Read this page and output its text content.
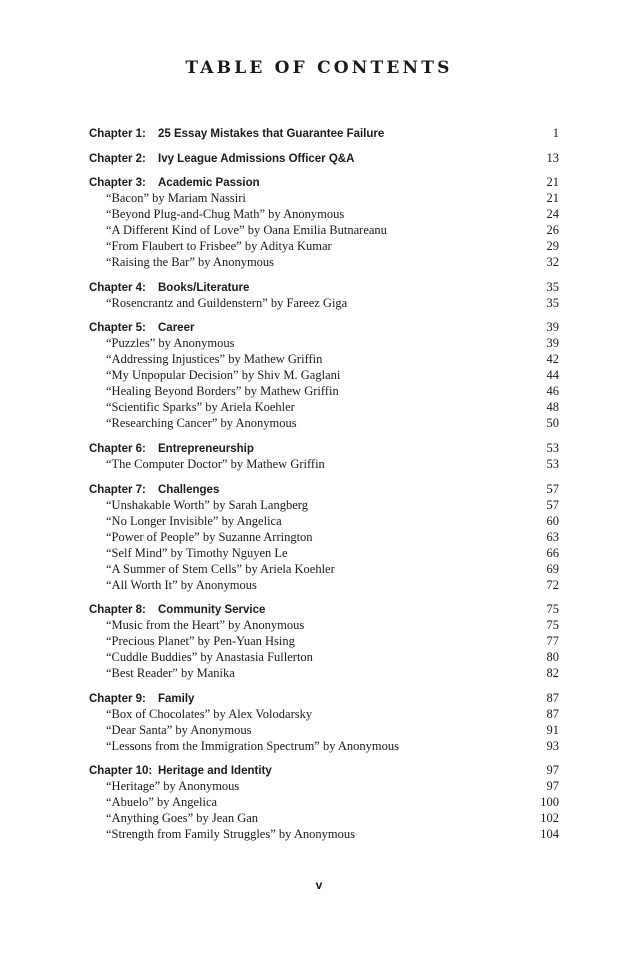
TABLE OF CONTENTS
Chapter 1: 25 Essay Mistakes that Guarantee Failure	1
Chapter 2: Ivy League Admissions Officer Q&A	13
Chapter 3: Academic Passion	21
“Bacon” by Mariam Nassiri	21
“Beyond Plug-and-Chug Math” by Anonymous	24
“A Different Kind of Love” by Oana Emilia Butnareanu	26
“From Flaubert to Frisbee” by Aditya Kumar	29
“Raising the Bar” by Anonymous	32
Chapter 4: Books/Literature	35
“Rosencrantz and Guildenstern” by Fareez Giga	35
Chapter 5: Career	39
“Puzzles” by Anonymous	39
“Addressing Injustices” by Mathew Griffin	42
“My Unpopular Decision” by Shiv M. Gaglani	44
“Healing Beyond Borders” by Mathew Griffin	46
“Scientific Sparks” by Ariela Koehler	48
“Researching Cancer” by Anonymous	50
Chapter 6: Entrepreneurship	53
“The Computer Doctor” by Mathew Griffin	53
Chapter 7: Challenges	57
“Unshakable Worth” by Sarah Langberg	57
“No Longer Invisible” by Angelica	60
“Power of People” by Suzanne Arrington	63
“Self Mind” by Timothy Nguyen Le	66
“A Summer of Stem Cells” by Ariela Koehler	69
“All Worth It” by Anonymous	72
Chapter 8: Community Service	75
“Music from the Heart” by Anonymous	75
“Precious Planet” by Pen-Yuan Hsing	77
“Cuddle Buddies” by Anastasia Fullerton	80
“Best Reader” by Manika	82
Chapter 9: Family	87
“Box of Chocolates” by Alex Volodarsky	87
“Dear Santa” by Anonymous	91
“Lessons from the Immigration Spectrum” by Anonymous	93
Chapter 10: Heritage and Identity	97
“Heritage” by Anonymous	97
“Abuelo” by Angelica	100
“Anything Goes” by Jean Gan	102
“Strength from Family Struggles” by Anonymous	104
v
